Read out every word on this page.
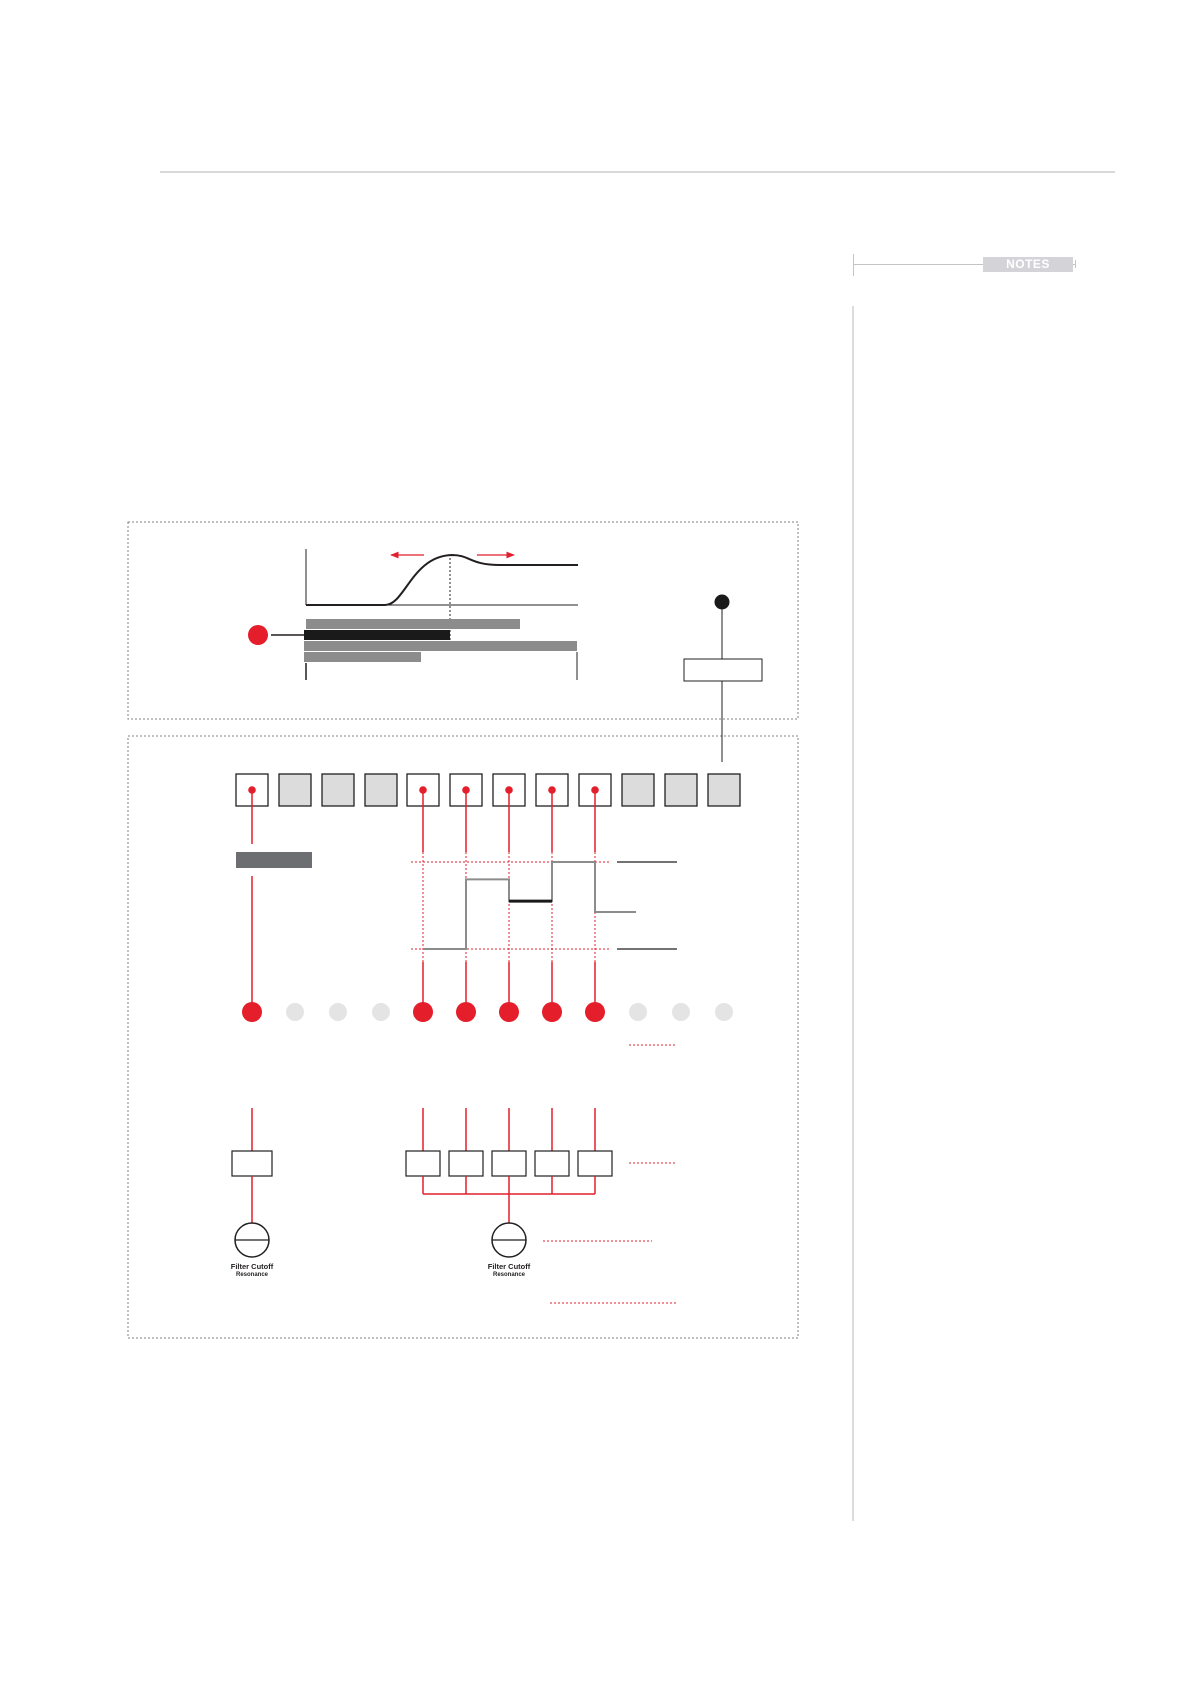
NOTES
Filter Cutoff
Resonance
Filter Cutoff
Resonance
